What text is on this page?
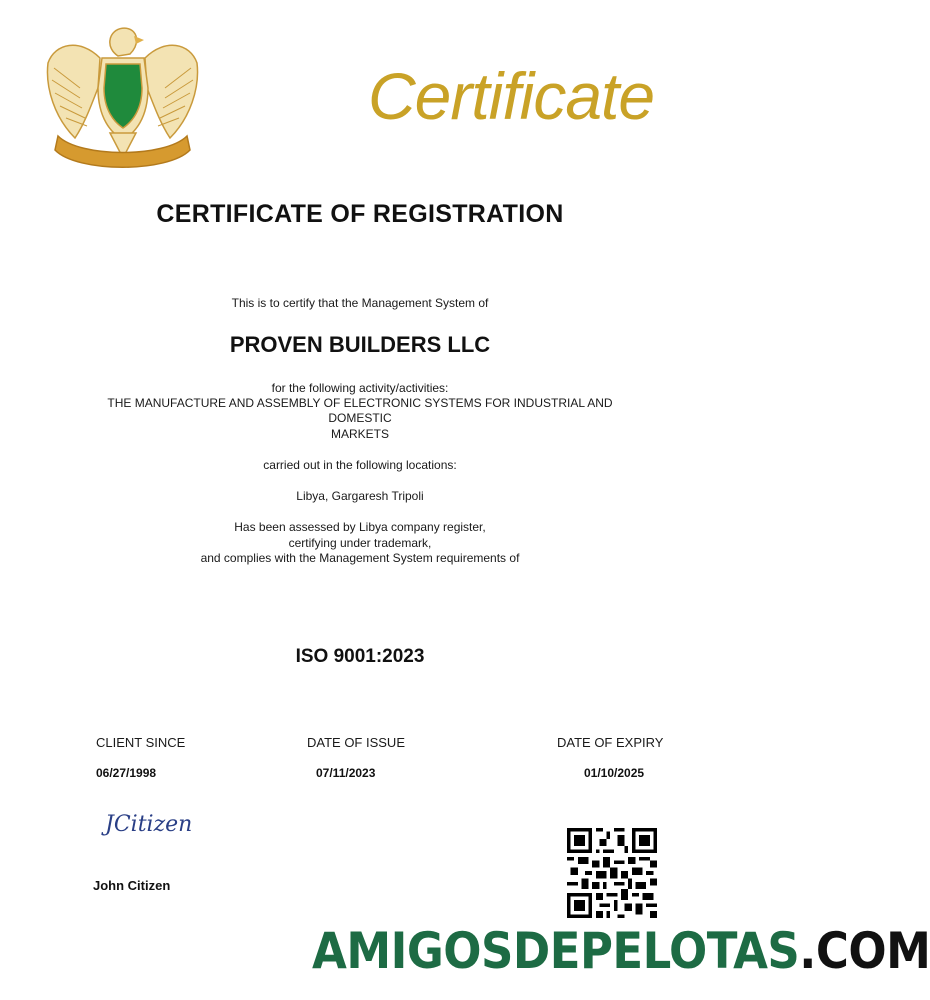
Certificate
CERTIFICATE OF REGISTRATION
This is to certify that the Management System of
PROVEN BUILDERS LLC
for the following activity/activities:
THE MANUFACTURE AND ASSEMBLY OF ELECTRONIC SYSTEMS FOR INDUSTRIAL AND
DOMESTIC
MARKETS
carried out in the following locations:
Libya, Gargaresh Tripoli
Has been assessed by Libya company register,
certifying under trademark,
and complies with the Management System requirements of
ISO 9001:2023
CLIENT SINCE	DATE OF ISSUE	DATE OF EXPIRY
06/27/1998	07/11/2023	01/10/2025
JCitizen
John Citizen
AMIGOSDEPELOTAS.COM
